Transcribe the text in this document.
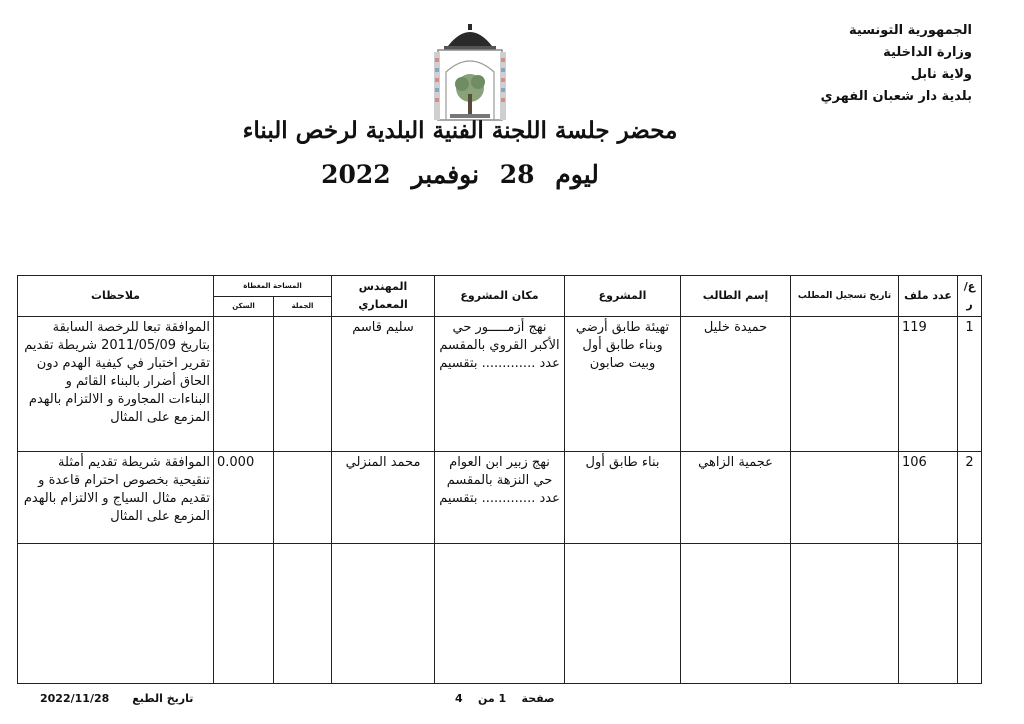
الجمهورية التونسية
وزارة الداخلية
ولاية نابل
بلدية دار شعبان الفهري
محضر جلسة اللجنة الفنية البلدية لرخص البناء
ليوم 28 نوفمبر 2022
ع/ر	عدد ملف	تاريخ تسجيل المطلب	إسم الطالب	المشروع	مكان المشروع	المهندس المعماري	المساحة المغطاة		ملاحظات
							الجملة	السكن	
1	119		حميدة خليل	تهيئة طابق أرضي وبناء طابق أول وبيت صابون	نهج أزمـــــور حي الأكبر القروي بالمقسم عدد ............. بتقسيم	سليم قاسم			الموافقة تبعا للرخصة السابقة بتاريخ 2011/05/09 شريطة تقديم تقرير اختبار في كيفية الهدم دون الحاق أضرار بالبناء القائم و البناءات المجاورة و الالتزام بالهدم المزمع على المثال
2	106		عجمية الزاهي	بناء طابق أول	نهج زبير ابن العوام حي النزهة بالمقسم عدد ............. بتقسيم	محمد المنزلي		0.000	الموافقة شريطة تقديم أمثلة تنقيحية بخصوص احترام قاعدة و تقديم مثال السياج و الالتزام بالهدم المزمع على المثال

صفحة    1 من    4
2022/11/28 تاريخ الطبع
